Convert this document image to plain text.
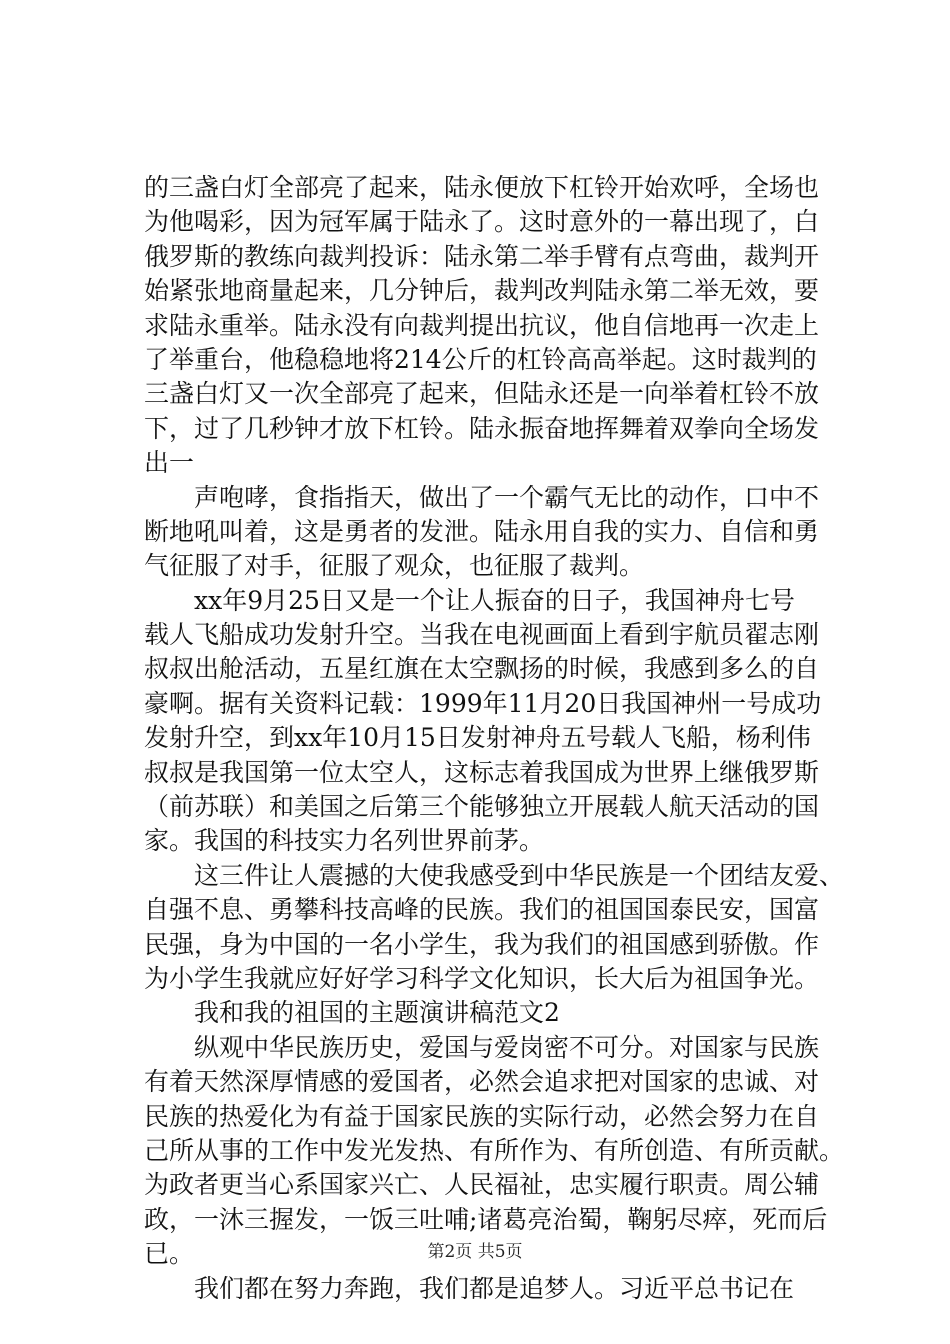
的三盏白灯全部亮了起来，陆永便放下杠铃开始欢呼，全场也
为他喝彩，因为冠军属于陆永了。这时意外的一幕出现了，白
俄罗斯的教练向裁判投诉：陆永第二举手臂有点弯曲，裁判开
始紧张地商量起来，几分钟后，裁判改判陆永第二举无效，要
求陆永重举。陆永没有向裁判提出抗议，他自信地再一次走上
了举重台，他稳稳地将214公斤的杠铃高高举起。这时裁判的
三盏白灯又一次全部亮了起来，但陆永还是一向举着杠铃不放
下，过了几秒钟才放下杠铃。陆永振奋地挥舞着双拳向全场发
出一
　　声咆哮，食指指天，做出了一个霸气无比的动作，口中不
断地吼叫着，这是勇者的发泄。陆永用自我的实力、自信和勇
气征服了对手，征服了观众，也征服了裁判。
　　xx年9月25日又是一个让人振奋的日子，我国神舟七号
载人飞船成功发射升空。当我在电视画面上看到宇航员翟志刚
叔叔出舱活动，五星红旗在太空飘扬的时候，我感到多么的自
豪啊。据有关资料记载：1999年11月20日我国神州一号成功
发射升空，到xx年10月15日发射神舟五号载人飞船，杨利伟
叔叔是我国第一位太空人，这标志着我国成为世界上继俄罗斯
（前苏联）和美国之后第三个能够独立开展载人航天活动的国
家。我国的科技实力名列世界前茅。
　　这三件让人震撼的大使我感受到中华民族是一个团结友爱、
自强不息、勇攀科技高峰的民族。我们的祖国国泰民安，国富
民强，身为中国的一名小学生，我为我们的祖国感到骄傲。作
为小学生我就应好好学习科学文化知识，长大后为祖国争光。
　　我和我的祖国的主题演讲稿范文2
　　纵观中华民族历史，爱国与爱岗密不可分。对国家与民族
有着天然深厚情感的爱国者，必然会追求把对国家的忠诚、对
民族的热爱化为有益于国家民族的实际行动，必然会努力在自
己所从事的工作中发光发热、有所作为、有所创造、有所贡献。
为政者更当心系国家兴亡、人民福祉，忠实履行职责。周公辅
政，一沐三握发，一饭三吐哺;诸葛亮治蜀，鞠躬尽瘁，死而后
已。
　　我们都在努力奔跑，我们都是追梦人。习近平总书记在
第2页 共5页
